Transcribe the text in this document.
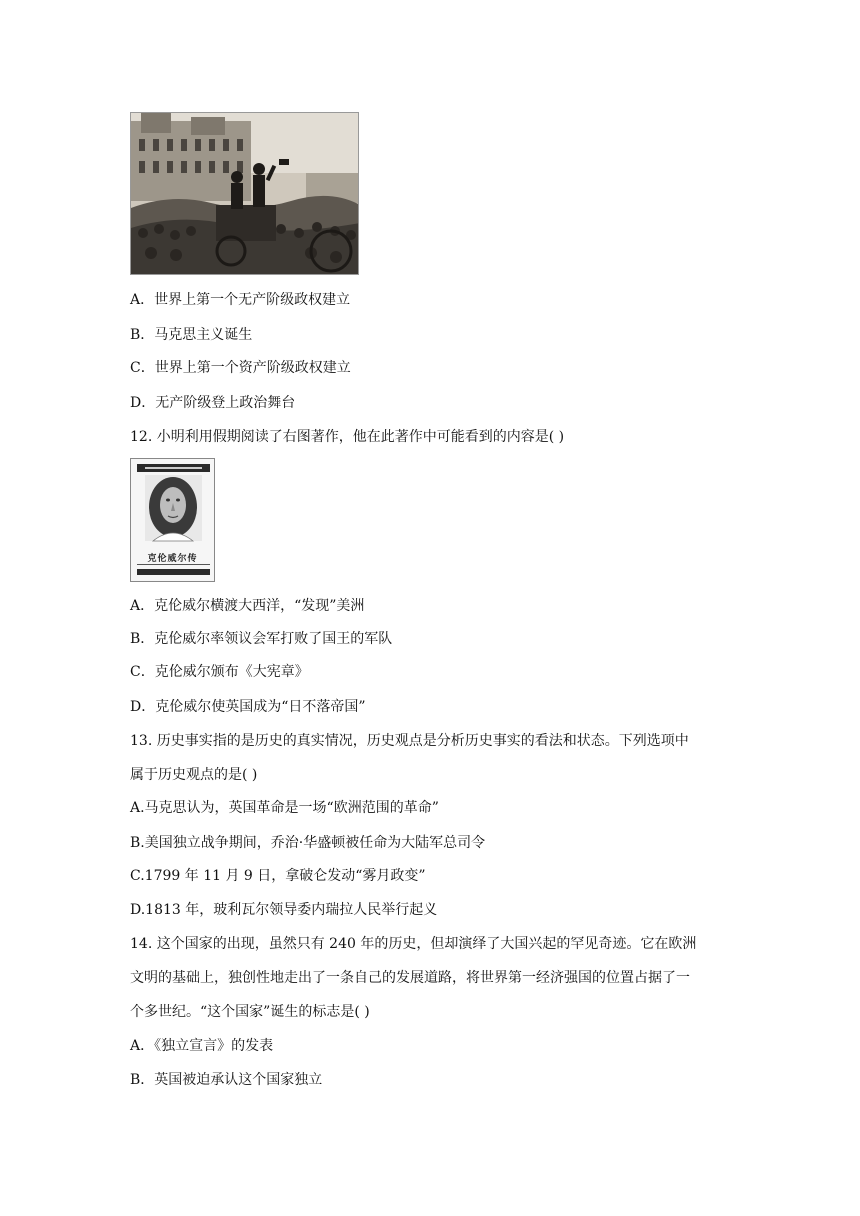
A．世界上第一个无产阶级政权建立
B．马克思主义诞生
C．世界上第一个资产阶级政权建立
D．无产阶级登上政治舞台
12. 小明利用假期阅读了右图著作，他在此著作中可能看到的内容是( )
克伦威尔传
A．克伦威尔横渡大西洋，“发现”美洲
B．克伦威尔率领议会军打败了国王的军队
C．克伦威尔颁布《大宪章》
D．克伦威尔使英国成为“日不落帝国”
13. 历史事实指的是历史的真实情况，历史观点是分析历史事实的看法和状态。下列选项中
属于历史观点的是( )
A.马克思认为，英国革命是一场“欧洲范围的革命”
B.美国独立战争期间，乔治·华盛顿被任命为大陆军总司令
C.1799 年 11 月 9 日，拿破仑发动“雾月政变”
D.1813 年，玻利瓦尔领导委内瑞拉人民举行起义
14. 这个国家的出现，虽然只有 240 年的历史，但却演绎了大国兴起的罕见奇迹。它在欧洲
文明的基础上，独创性地走出了一条自己的发展道路，将世界第一经济强国的位置占据了一
个多世纪。“这个国家”诞生的标志是( )
A．《独立宣言》的发表
B．英国被迫承认这个国家独立
